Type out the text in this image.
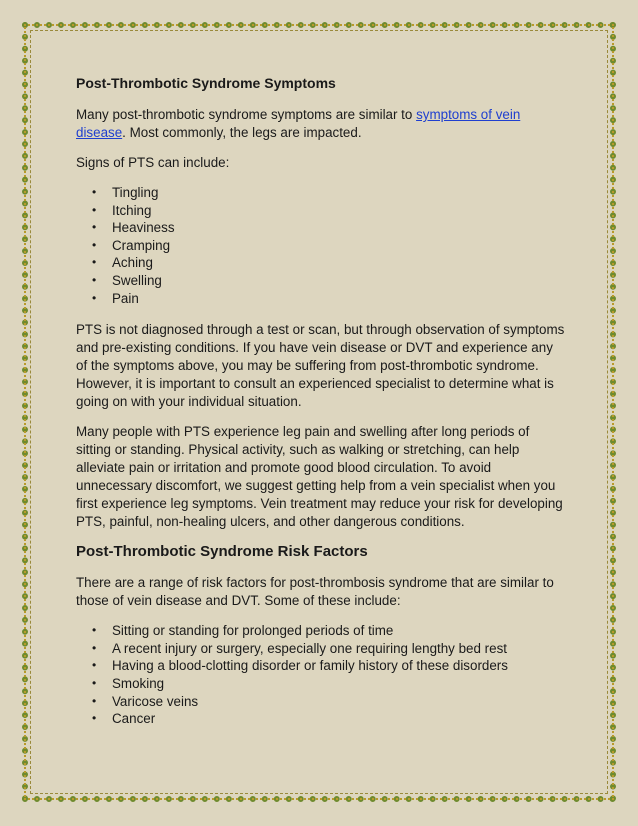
Post-Thrombotic Syndrome Symptoms

Many post-thrombotic syndrome symptoms are similar to symptoms of vein disease. Most commonly, the legs are impacted.

Signs of PTS can include:

• Tingling
• Itching
• Heaviness
• Cramping
• Aching
• Swelling
• Pain

PTS is not diagnosed through a test or scan, but through observation of symptoms and pre-existing conditions. If you have vein disease or DVT and experience any of the symptoms above, you may be suffering from post-thrombotic syndrome. However, it is important to consult an experienced specialist to determine what is going on with your individual situation.

Many people with PTS experience leg pain and swelling after long periods of sitting or standing. Physical activity, such as walking or stretching, can help alleviate pain or irritation and promote good blood circulation. To avoid unnecessary discomfort, we suggest getting help from a vein specialist when you first experience leg symptoms. Vein treatment may reduce your risk for developing PTS, painful, non-healing ulcers, and other dangerous conditions.

Post-Thrombotic Syndrome Risk Factors

There are a range of risk factors for post-thrombosis syndrome that are similar to those of vein disease and DVT. Some of these include:

• Sitting or standing for prolonged periods of time
• A recent injury or surgery, especially one requiring lengthy bed rest
• Having a blood-clotting disorder or family history of these disorders
• Smoking
• Varicose veins
• Cancer
